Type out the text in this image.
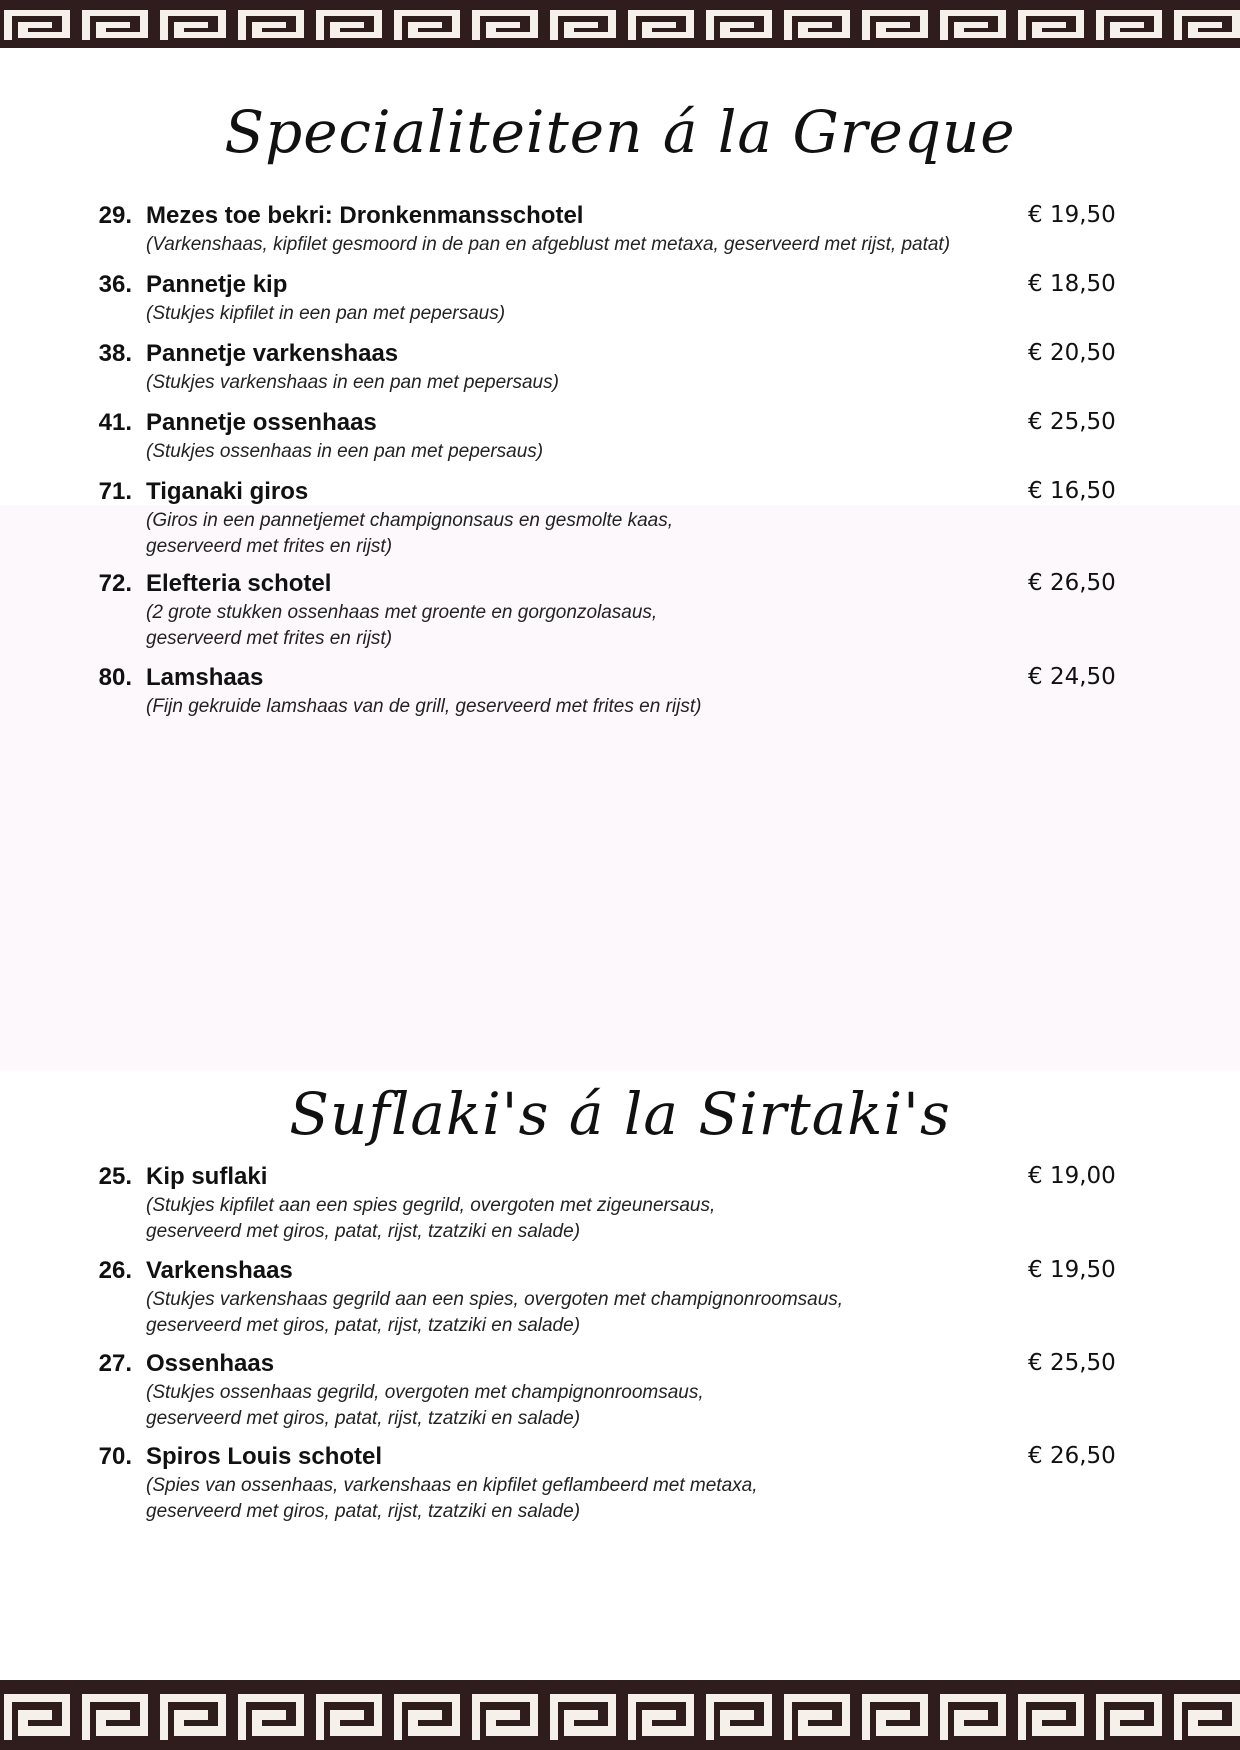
Specialiteiten á la Greque
29. Mezes toe bekri: Dronkenmansschotel
(Varkenshaas, kipfilet gesmoord in de pan en afgeblust met metaxa, geserveerd met rijst, patat)
€ 19,50
36. Pannetje kip
(Stukjes kipfilet in een pan met pepersaus)
€ 18,50
38. Pannetje varkenshaas
(Stukjes varkenshaas in een pan met pepersaus)
€ 20,50
41. Pannetje ossenhaas
(Stukjes ossenhaas in een pan met pepersaus)
€ 25,50
71. Tiganaki giros
(Giros in een pannetjemet champignonsaus en gesmolte kaas,
geserveerd met frites en rijst)
€ 16,50
72. Elefteria schotel
(2 grote stukken ossenhaas met groente en gorgonzolasaus,
geserveerd met frites en rijst)
€ 26,50
80. Lamshaas
(Fijn gekruide lamshaas van de grill, geserveerd met frites en rijst)
€ 24,50
Suflaki's á la Sirtaki's
25. Kip suflaki
(Stukjes kipfilet aan een spies gegrild, overgoten met zigeunersaus,
geserveerd met giros, patat, rijst, tzatziki en salade)
€ 19,00
26. Varkenshaas
(Stukjes varkenshaas gegrild aan een spies, overgoten met champignonroomsaus,
geserveerd met giros, patat, rijst, tzatziki en salade)
€ 19,50
27. Ossenhaas
(Stukjes ossenhaas gegrild, overgoten met champignonroomsaus,
geserveerd met giros, patat, rijst, tzatziki en salade)
€ 25,50
70. Spiros Louis schotel
(Spies van ossenhaas, varkenshaas en kipfilet geflambeerd met metaxa,
geserveerd met giros, patat, rijst, tzatziki en salade)
€ 26,50
